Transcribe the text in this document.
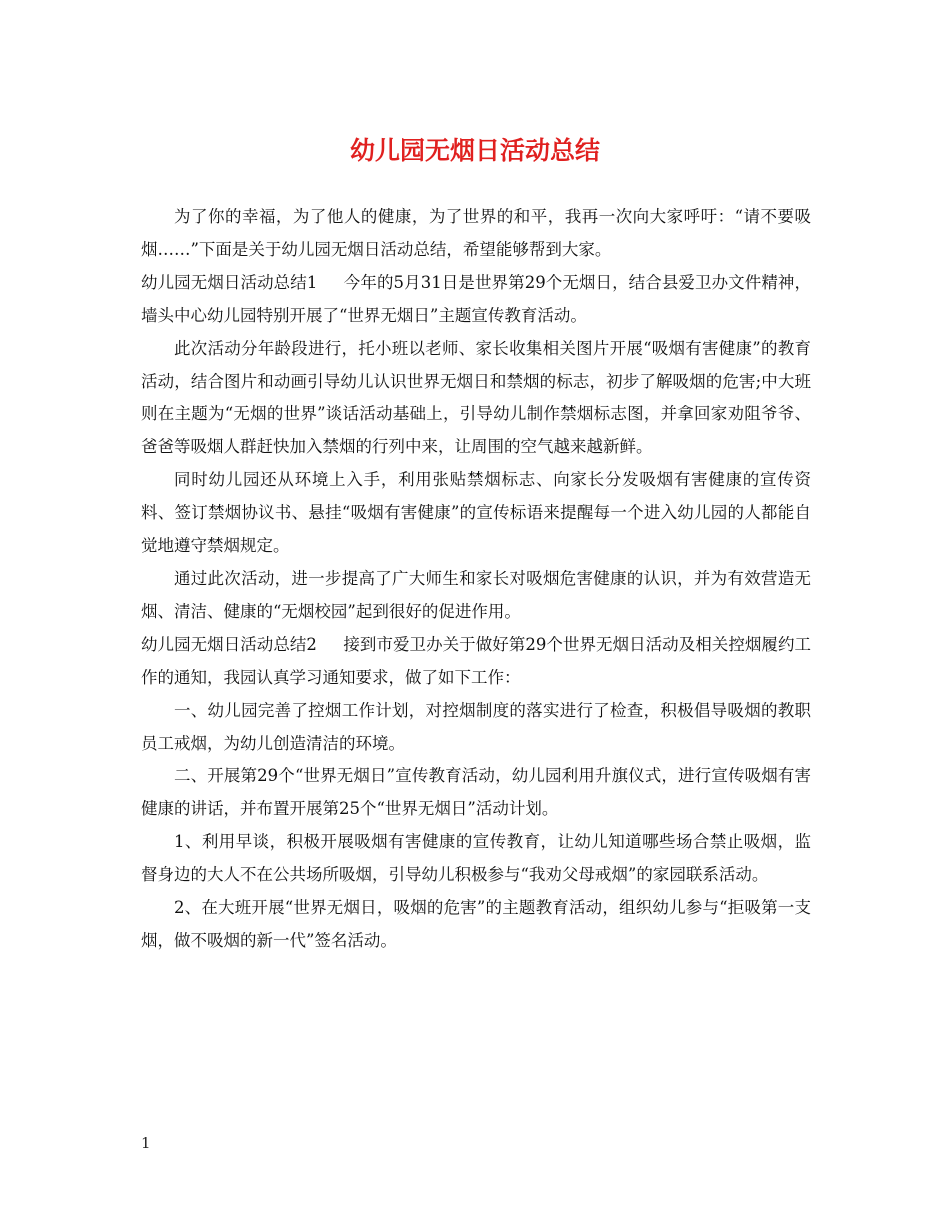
幼儿园无烟日活动总结

为了你的幸福，为了他人的健康，为了世界的和平，我再一次向大家呼吁：“请不要吸烟……”下面是关于幼儿园无烟日活动总结，希望能够帮到大家。

幼儿园无烟日活动总结1 今年的5月31日是世界第29个无烟日，结合县爱卫办文件精神，墙头中心幼儿园特别开展了“世界无烟日”主题宣传教育活动。

此次活动分年龄段进行，托小班以老师、家长收集相关图片开展“吸烟有害健康”的教育活动，结合图片和动画引导幼儿认识世界无烟日和禁烟的标志，初步了解吸烟的危害;中大班则在主题为“无烟的世界”谈话活动基础上，引导幼儿制作禁烟标志图，并拿回家劝阻爷爷、爸爸等吸烟人群赶快加入禁烟的行列中来，让周围的空气越来越新鲜。

同时幼儿园还从环境上入手，利用张贴禁烟标志、向家长分发吸烟有害健康的宣传资料、签订禁烟协议书、悬挂“吸烟有害健康”的宣传标语来提醒每一个进入幼儿园的人都能自觉地遵守禁烟规定。

通过此次活动，进一步提高了广大师生和家长对吸烟危害健康的认识，并为有效营造无烟、清洁、健康的“无烟校园”起到很好的促进作用。

幼儿园无烟日活动总结2 接到市爱卫办关于做好第29个世界无烟日活动及相关控烟履约工作的通知，我园认真学习通知要求，做了如下工作：

一、幼儿园完善了控烟工作计划，对控烟制度的落实进行了检查，积极倡导吸烟的教职员工戒烟，为幼儿创造清洁的环境。

二、开展第29个“世界无烟日”宣传教育活动，幼儿园利用升旗仪式，进行宣传吸烟有害健康的讲话，并布置开展第25个“世界无烟日”活动计划。

1、利用早谈，积极开展吸烟有害健康的宣传教育，让幼儿知道哪些场合禁止吸烟，监督身边的大人不在公共场所吸烟，引导幼儿积极参与“我劝父母戒烟”的家园联系活动。

2、在大班开展“世界无烟日，吸烟的危害”的主题教育活动，组织幼儿参与“拒吸第一支烟，做不吸烟的新一代”签名活动。

1
